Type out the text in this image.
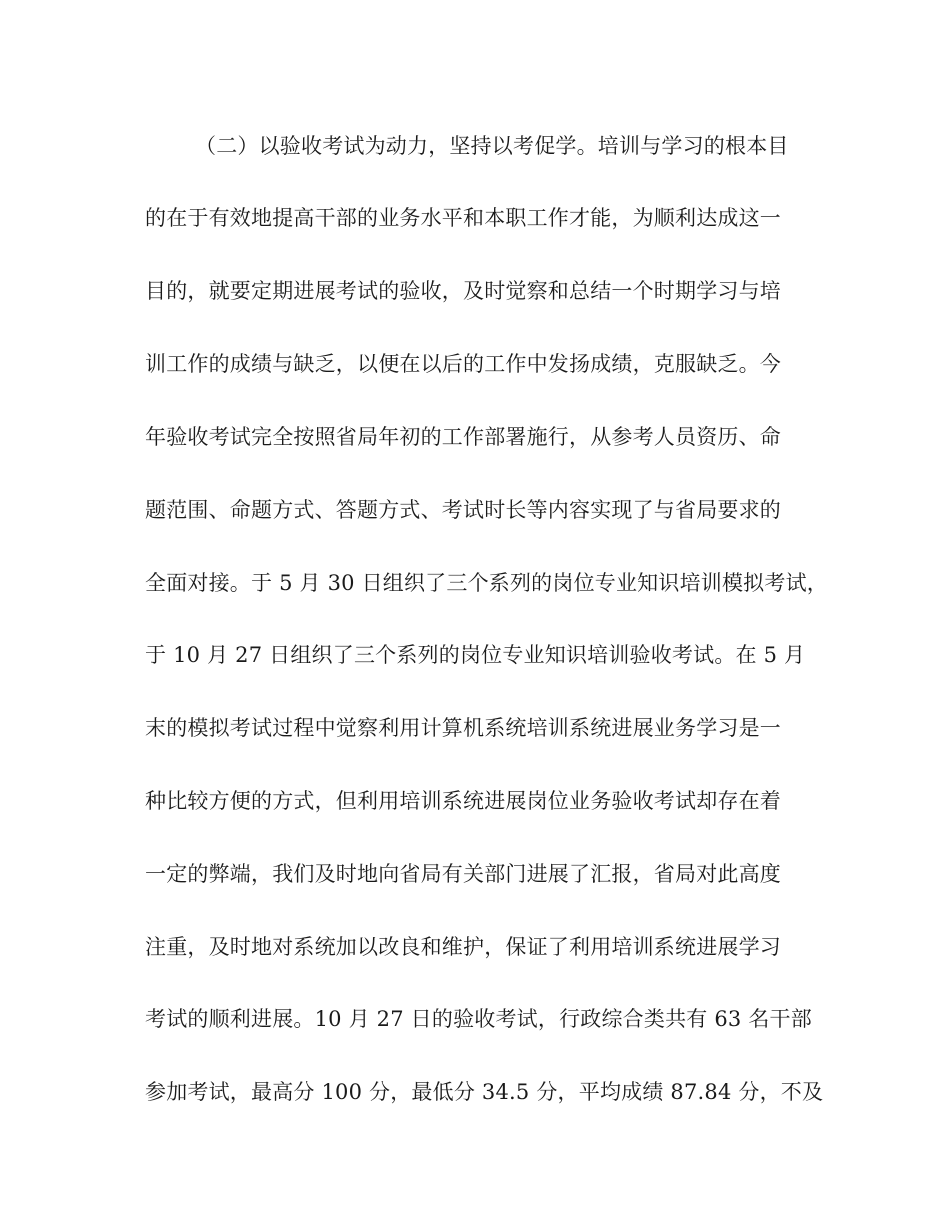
（二）以验收考试为动力，坚持以考促学。培训与学习的根本目
的在于有效地提高干部的业务水平和本职工作才能，为顺利达成这一
目的，就要定期进展考试的验收，及时觉察和总结一个时期学习与培
训工作的成绩与缺乏，以便在以后的工作中发扬成绩，克服缺乏。今
年验收考试完全按照省局年初的工作部署施行，从参考人员资历、命
题范围、命题方式、答题方式、考试时长等内容实现了与省局要求的
全面对接。于 5 月 30 日组织了三个系列的岗位专业知识培训模拟考试，
于 10 月 27 日组织了三个系列的岗位专业知识培训验收考试。在 5 月
末的模拟考试过程中觉察利用计算机系统培训系统进展业务学习是一
种比较方便的方式，但利用培训系统进展岗位业务验收考试却存在着
一定的弊端，我们及时地向省局有关部门进展了汇报，省局对此高度
注重，及时地对系统加以改良和维护，保证了利用培训系统进展学习
考试的顺利进展。10 月 27 日的验收考试，行政综合类共有 63 名干部
参加考试，最高分 100 分，最低分 34.5 分，平均成绩 87.84 分，不及
